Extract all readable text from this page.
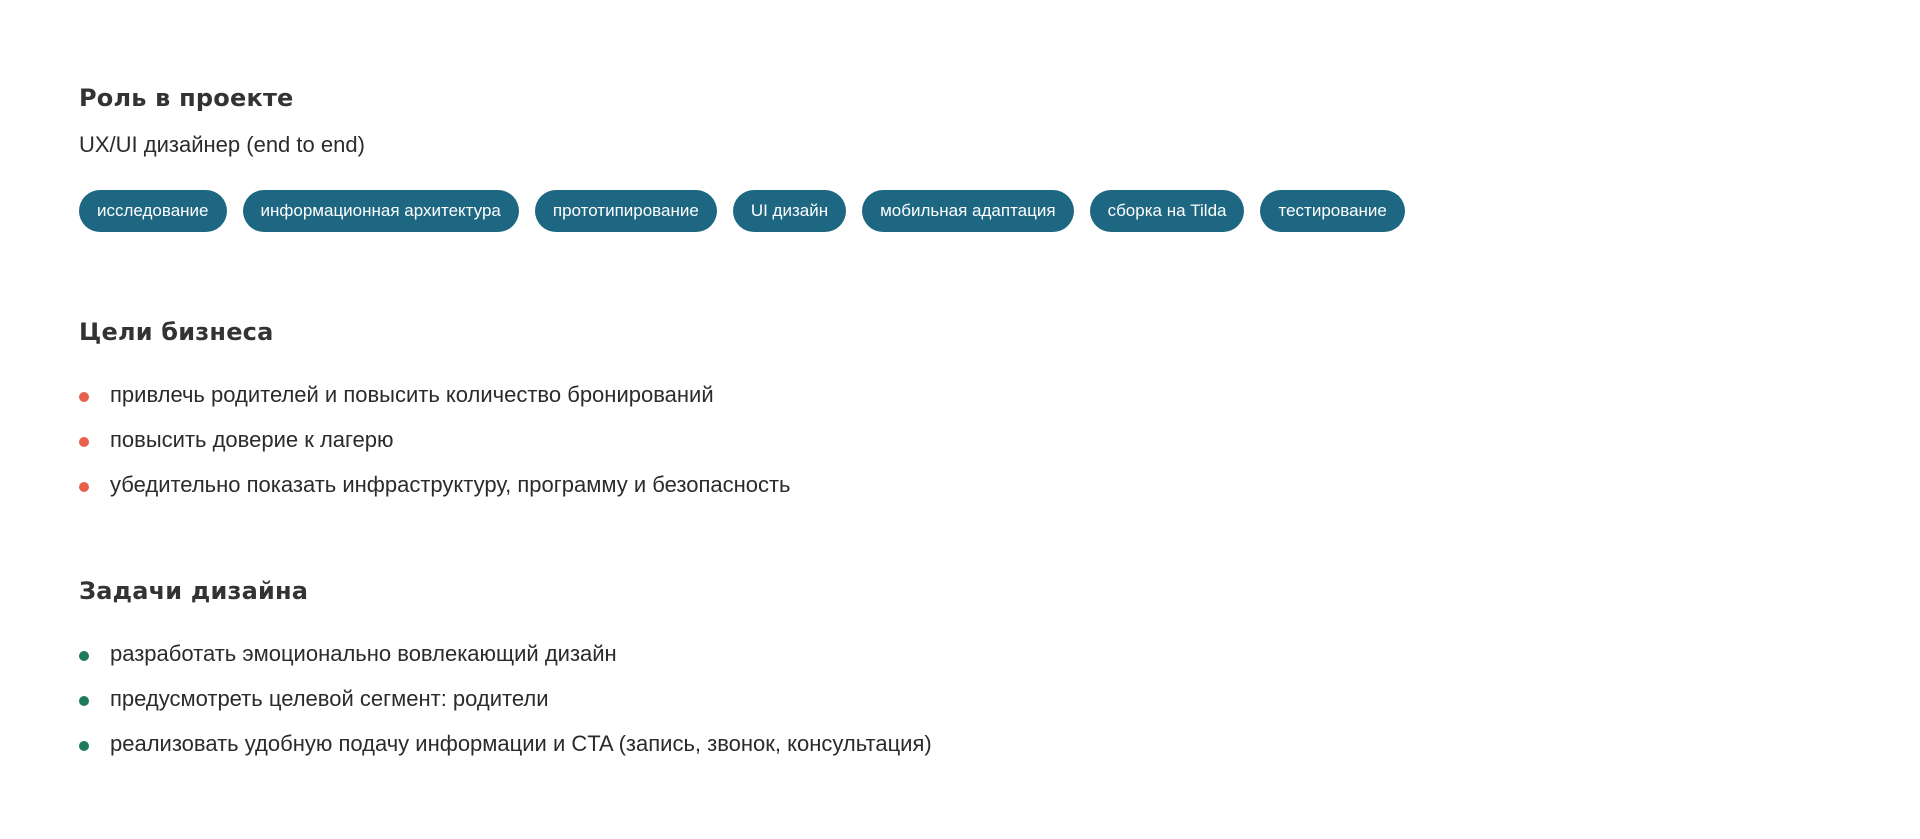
Роль в проекте

UX/UI дизайнер (end to end)

исследование	информационная архитектура	прототипирование	UI дизайн	мобильная адаптация	сборка на Tilda	тестирование
Цели бизнеса
привлечь родителей и повысить количество бронирований
повысить доверие к лагерю
убедительно показать инфраструктуру, программу и безопасность
Задачи дизайна
разработать эмоционально вовлекающий дизайн
предусмотреть целевой сегмент: родители
реализовать удобную подачу информации и CTA (запись, звонок, консультация)
